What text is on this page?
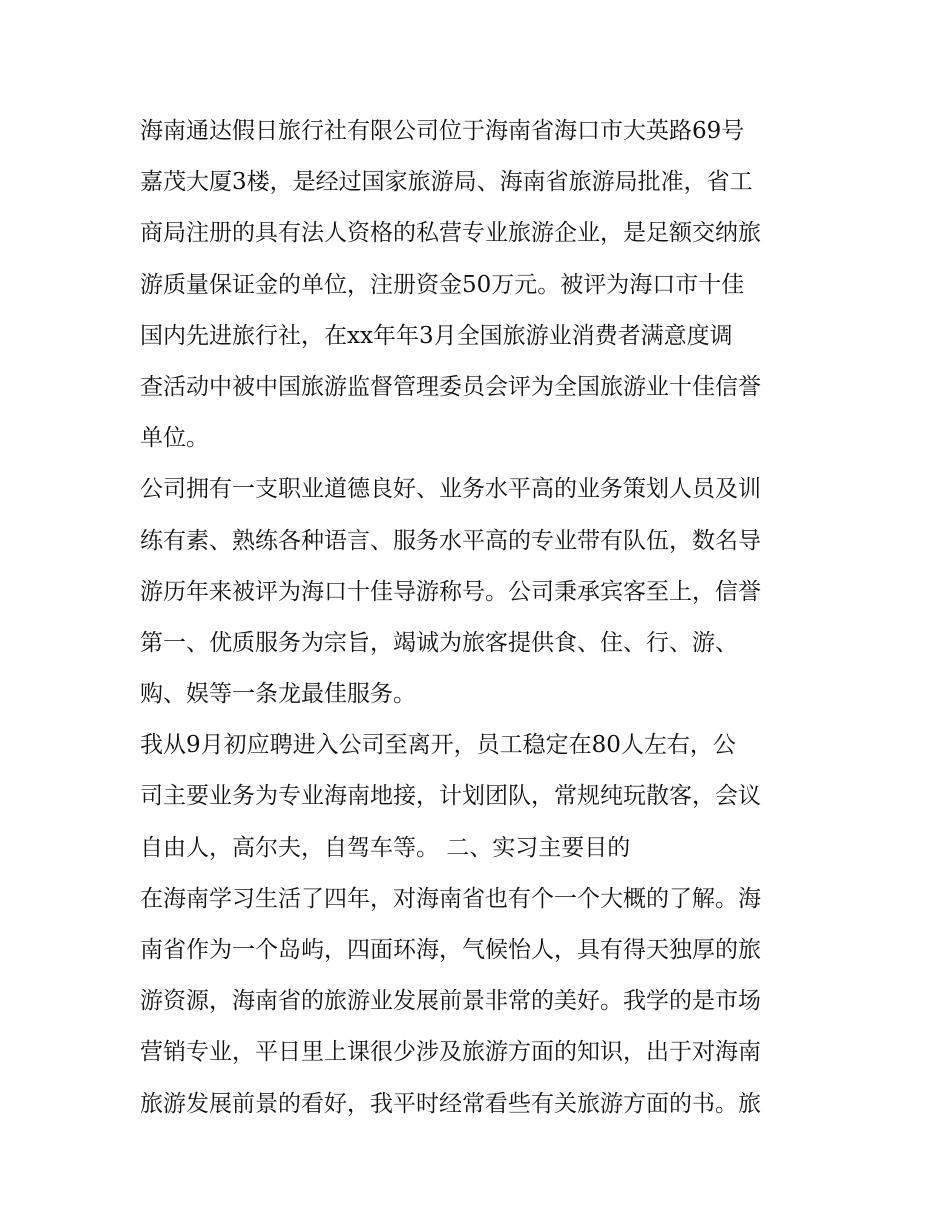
海南通达假日旅行社有限公司位于海南省海口市大英路69号
嘉茂大厦3楼，是经过国家旅游局、海南省旅游局批准，省工
商局注册的具有法人资格的私营专业旅游企业，是足额交纳旅
游质量保证金的单位，注册资金50万元。被评为海口市十佳
国内先进旅行社，在xx年年3月全国旅游业消费者满意度调
查活动中被中国旅游监督管理委员会评为全国旅游业十佳信誉
单位。
公司拥有一支职业道德良好、业务水平高的业务策划人员及训
练有素、熟练各种语言、服务水平高的专业带有队伍，数名导
游历年来被评为海口十佳导游称号。公司秉承宾客至上，信誉
第一、优质服务为宗旨，竭诚为旅客提供食、住、行、游、
购、娱等一条龙最佳服务。
我从9月初应聘进入公司至离开，员工稳定在80人左右，公
司主要业务为专业海南地接，计划团队，常规纯玩散客，会议
自由人，高尔夫，自驾车等。 二、实习主要目的
在海南学习生活了四年，对海南省也有个一个大概的了解。海
南省作为一个岛屿，四面环海，气候怡人，具有得天独厚的旅
游资源，海南省的旅游业发展前景非常的美好。我学的是市场
营销专业，平日里上课很少涉及旅游方面的知识，出于对海南
旅游发展前景的看好，我平时经常看些有关旅游方面的书。旅
